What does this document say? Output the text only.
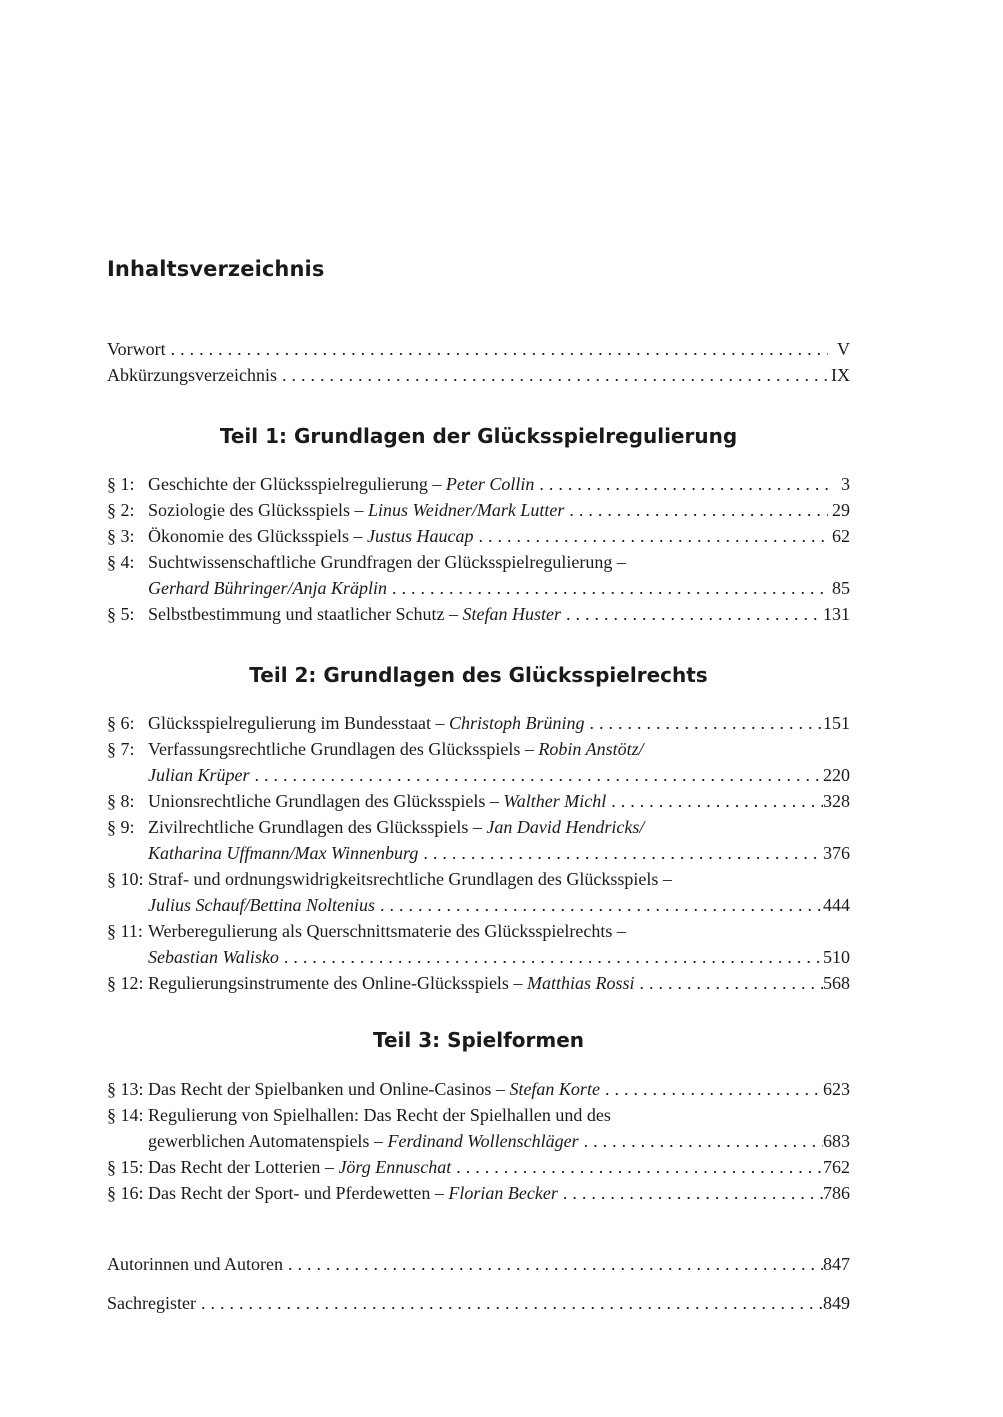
Inhaltsverzeichnis
Vorwort . . .	V
Abkürzungsverzeichnis . . .	IX
Teil 1: Grundlagen der Glücksspielregulierung
§ 1: Geschichte der Glücksspielregulierung – Peter Collin . . .	3
§ 2: Soziologie des Glücksspiels – Linus Weidner/Mark Lutter . . .	29
§ 3: Ökonomie des Glücksspiels – Justus Haucap . . .	62
§ 4: Suchtwissenschaftliche Grundfragen der Glücksspielregulierung –
Gerhard Bühringer/Anja Kräplin . . .	85
§ 5: Selbstbestimmung und staatlicher Schutz – Stefan Huster . . .	131
Teil 2: Grundlagen des Glücksspielrechts
§ 6: Glücksspielregulierung im Bundesstaat – Christoph Brüning . . .	151
§ 7: Verfassungsrechtliche Grundlagen des Glücksspiels – Robin Anstötz/
Julian Krüper . . .	220
§ 8: Unionsrechtliche Grundlagen des Glücksspiels – Walther Michl . . .	328
§ 9: Zivilrechtliche Grundlagen des Glücksspiels – Jan David Hendricks/
Katharina Uffmann/Max Winnenburg . . .	376
§ 10: Straf- und ordnungswidrigkeitsrechtliche Grundlagen des Glücksspiels –
Julius Schauf/Bettina Noltenius . . .	444
§ 11: Werberegulierung als Querschnittsmaterie des Glücksspielrechts –
Sebastian Walisko . . .	510
§ 12: Regulierungsinstrumente des Online-Glücksspiels – Matthias Rossi . . .	568
Teil 3: Spielformen
§ 13: Das Recht der Spielbanken und Online-Casinos – Stefan Korte . . .	623
§ 14: Regulierung von Spielhallen: Das Recht der Spielhallen und des
gewerblichen Automatenspiels – Ferdinand Wollenschläger . . .	683
§ 15: Das Recht der Lotterien – Jörg Ennuschat . . .	762
§ 16: Das Recht der Sport- und Pferdewetten – Florian Becker . . .	786
Autorinnen und Autoren . . .	847
Sachregister . . .	849
